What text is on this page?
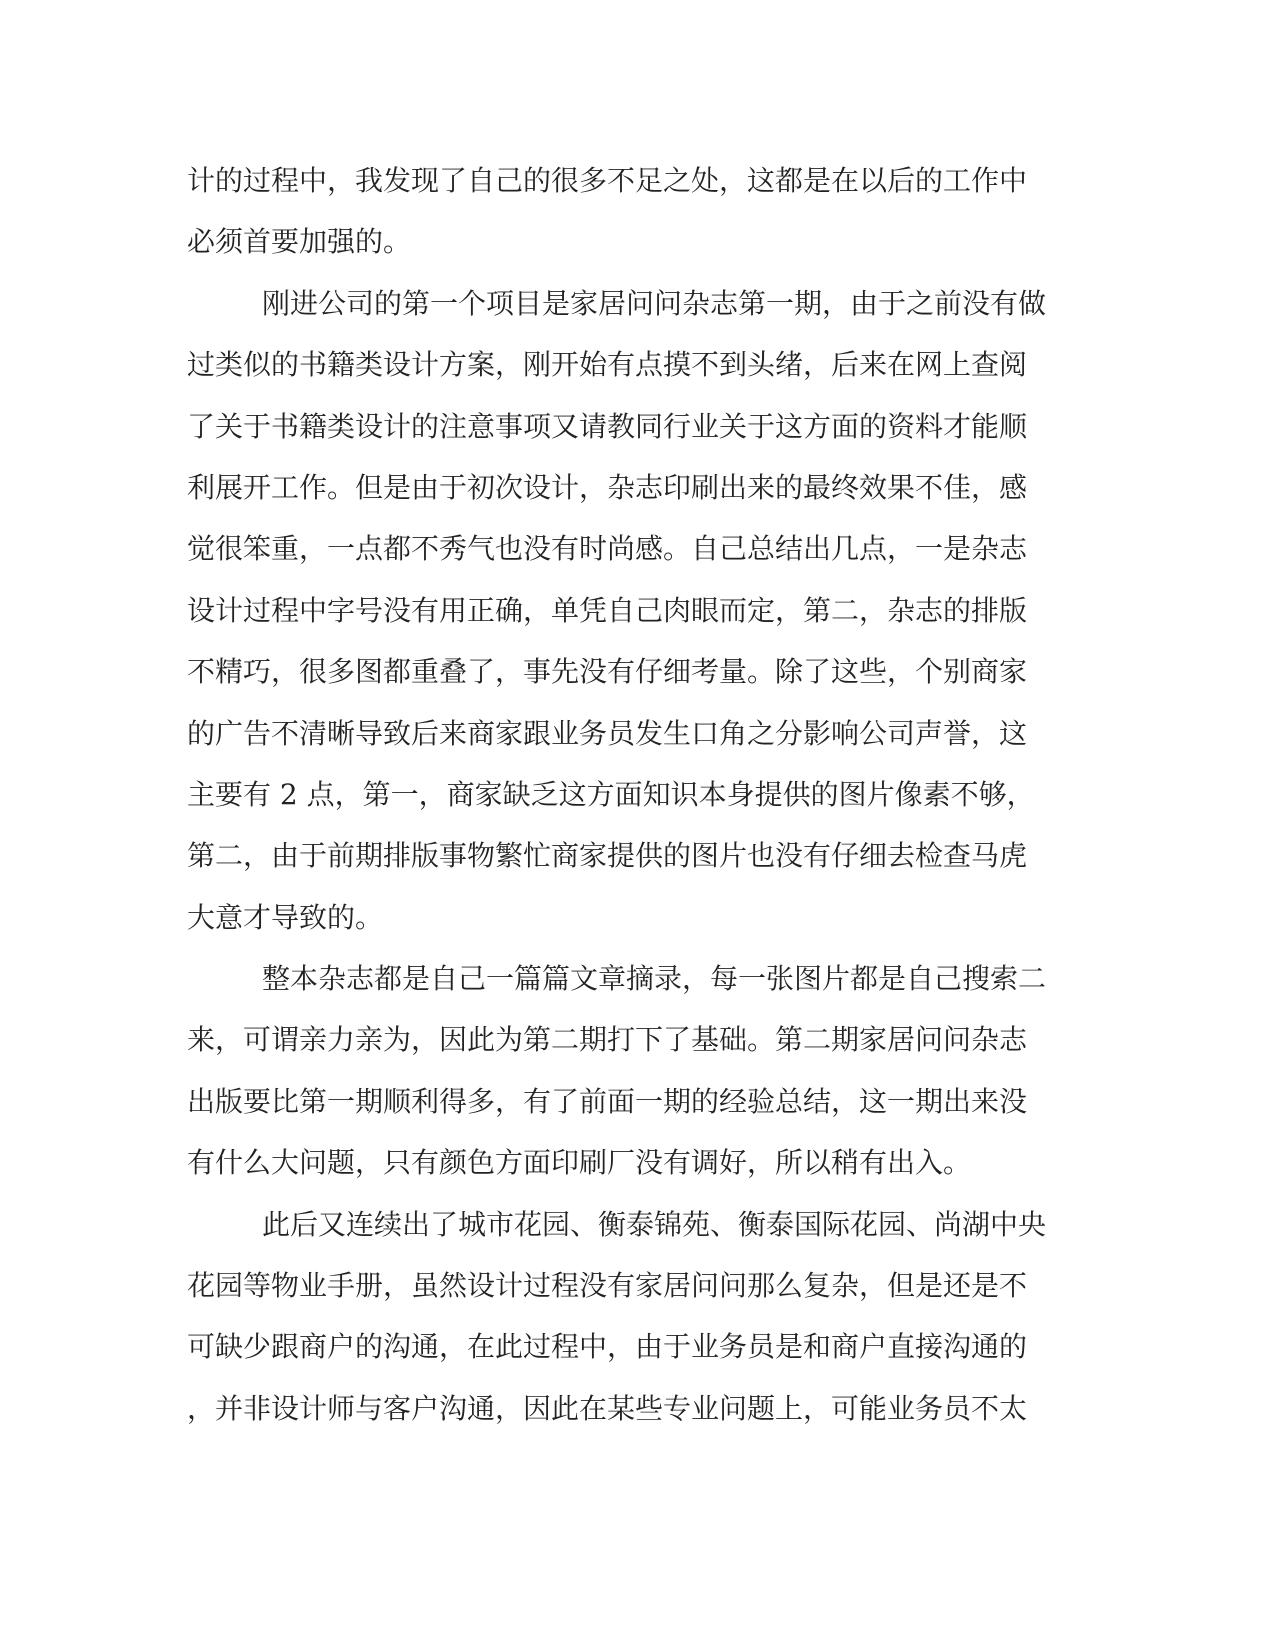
计的过程中，我发现了自己的很多不足之处，这都是在以后的工作中
必须首要加强的。
刚进公司的第一个项目是家居问问杂志第一期，由于之前没有做
过类似的书籍类设计方案，刚开始有点摸不到头绪，后来在网上查阅
了关于书籍类设计的注意事项又请教同行业关于这方面的资料才能顺
利展开工作。但是由于初次设计，杂志印刷出来的最终效果不佳，感
觉很笨重，一点都不秀气也没有时尚感。自己总结出几点，一是杂志
设计过程中字号没有用正确，单凭自己肉眼而定，第二，杂志的排版
不精巧，很多图都重叠了，事先没有仔细考量。除了这些，个别商家
的广告不清晰导致后来商家跟业务员发生口角之分影响公司声誉，这
主要有 2 点，第一，商家缺乏这方面知识本身提供的图片像素不够，
第二，由于前期排版事物繁忙商家提供的图片也没有仔细去检查马虎
大意才导致的。
整本杂志都是自己一篇篇文章摘录，每一张图片都是自己搜索二
来，可谓亲力亲为，因此为第二期打下了基础。第二期家居问问杂志
出版要比第一期顺利得多，有了前面一期的经验总结，这一期出来没
有什么大问题，只有颜色方面印刷厂没有调好，所以稍有出入。
此后又连续出了城市花园、衡泰锦苑、衡泰国际花园、尚湖中央
花园等物业手册，虽然设计过程没有家居问问那么复杂，但是还是不
可缺少跟商户的沟通，在此过程中，由于业务员是和商户直接沟通的
，并非设计师与客户沟通，因此在某些专业问题上，可能业务员不太
